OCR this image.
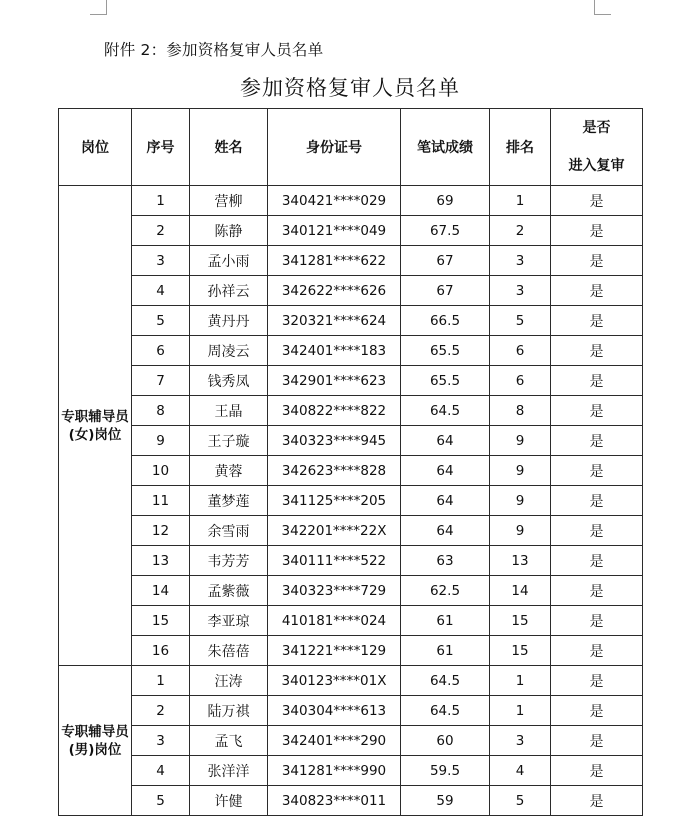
附件 2：参加资格复审人员名单
参加资格复审人员名单
岗位	序号	姓名	身份证号	笔试成绩	排名	是否
进入复审

专职辅导员(女)岗位	1	营柳	340421****029	69	1	是
	2	陈静	340121****049	67.5	2	是
	3	孟小雨	341281****622	67	3	是
	4	孙祥云	342622****626	67	3	是
	5	黄丹丹	320321****624	66.5	5	是
	6	周凌云	342401****183	65.5	6	是
	7	钱秀凤	342901****623	65.5	6	是
	8	王晶	340822****822	64.5	8	是
	9	王子璇	340323****945	64	9	是
	10	黄蓉	342623****828	64	9	是
	11	董梦莲	341125****205	64	9	是
	12	余雪雨	342201****22X	64	9	是
	13	韦芳芳	340111****522	63	13	是
	14	孟紫薇	340323****729	62.5	14	是
	15	李亚琼	410181****024	61	15	是
	16	朱蓓蓓	341221****129	61	15	是
专职辅导员(男)岗位	1	汪涛	340123****01X	64.5	1	是
	2	陆万祺	340304****613	64.5	1	是
	3	孟飞	342401****290	60	3	是
	4	张洋洋	341281****990	59.5	4	是
	5	许健	340823****011	59	5	是
